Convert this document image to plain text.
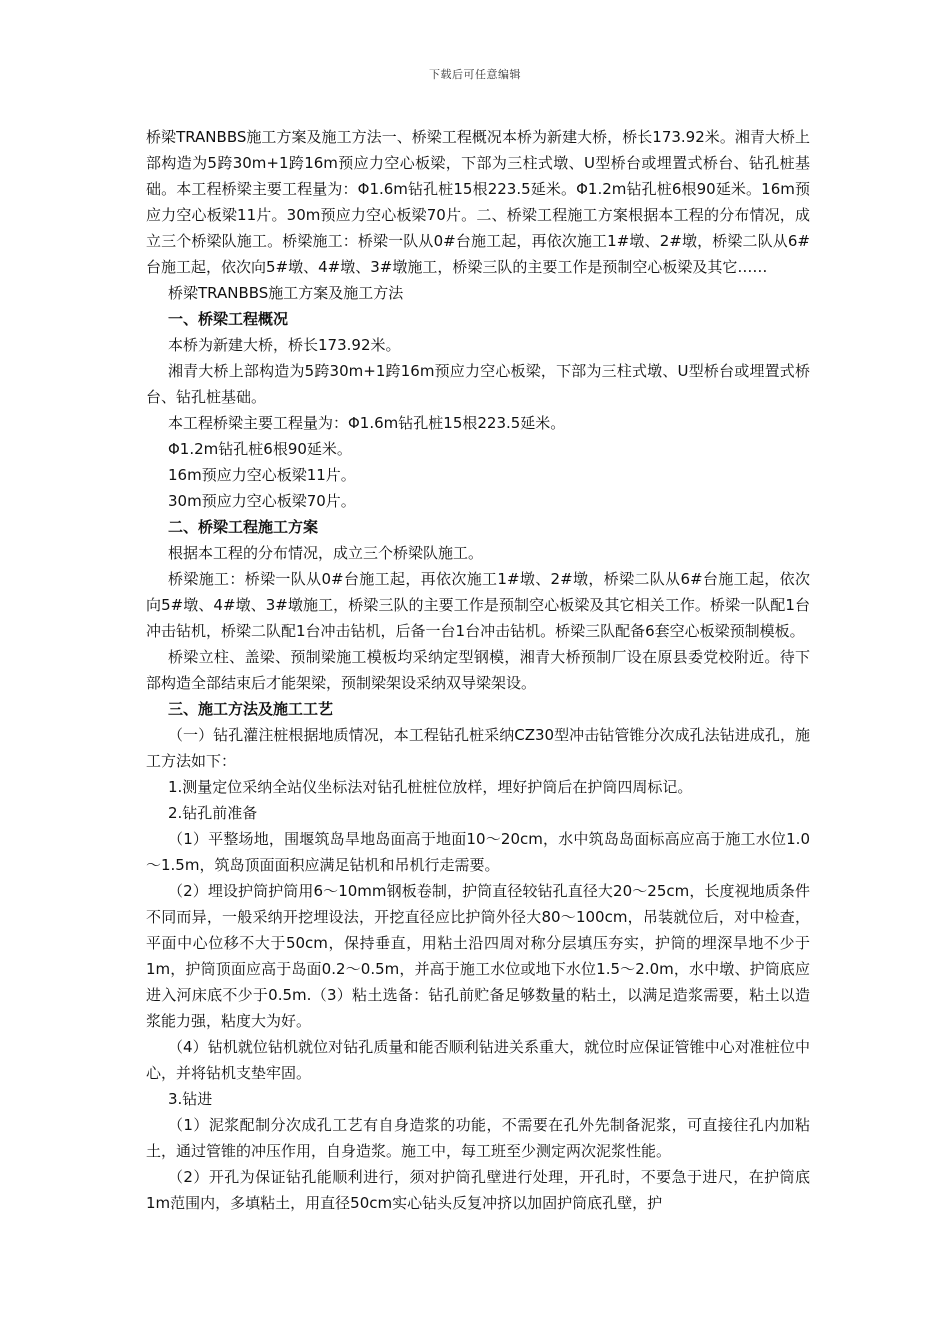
下载后可任意编辑

桥梁TRANBBS施工方案及施工方法一、桥梁工程概况本桥为新建大桥，桥长173.92米。湘青大桥上部构造为5跨30m+1跨16m预应力空心板梁，下部为三柱式墩、U型桥台或埋置式桥台、钻孔桩基础。本工程桥梁主要工程量为：Φ1.6m钻孔桩15根223.5延米。Φ1.2m钻孔桩6根90延米。16m预应力空心板梁11片。30m预应力空心板梁70片。二、桥梁工程施工方案根据本工程的分布情况，成立三个桥梁队施工。桥梁施工：桥梁一队从0#台施工起，再依次施工1#墩、2#墩，桥梁二队从6#台施工起，依次向5#墩、4#墩、3#墩施工，桥梁三队的主要工作是预制空心板梁及其它……

桥梁TRANBBS施工方案及施工方法

一、桥梁工程概况

本桥为新建大桥，桥长173.92米。

湘青大桥上部构造为5跨30m+1跨16m预应力空心板梁，下部为三柱式墩、U型桥台或埋置式桥台、钻孔桩基础。

本工程桥梁主要工程量为：Φ1.6m钻孔桩15根223.5延米。

Φ1.2m钻孔桩6根90延米。

16m预应力空心板梁11片。

30m预应力空心板梁70片。

二、桥梁工程施工方案

根据本工程的分布情况，成立三个桥梁队施工。

桥梁施工：桥梁一队从0#台施工起，再依次施工1#墩、2#墩，桥梁二队从6#台施工起，依次向5#墩、4#墩、3#墩施工，桥梁三队的主要工作是预制空心板梁及其它相关工作。桥梁一队配1台冲击钻机，桥梁二队配1台冲击钻机，后备一台1台冲击钻机。桥梁三队配备6套空心板梁预制模板。

桥梁立柱、盖梁、预制梁施工模板均采纳定型钢模，湘青大桥预制厂设在原县委党校附近。待下部构造全部结束后才能架梁，预制梁架设采纳双导梁架设。

三、施工方法及施工工艺

（一）钻孔灌注桩根据地质情况，本工程钻孔桩采纳CZ30型冲击钻管锥分次成孔法钻进成孔，施工方法如下：

1.测量定位采纳全站仪坐标法对钻孔桩桩位放样，埋好护筒后在护筒四周标记。

2.钻孔前准备

（1）平整场地，围堰筑岛旱地岛面高于地面10～20cm，水中筑岛岛面标高应高于施工水位1.0～1.5m，筑岛顶面面积应满足钻机和吊机行走需要。

（2）埋设护筒护筒用6～10mm钢板卷制，护筒直径较钻孔直径大20～25cm，长度视地质条件不同而异，一般采纳开挖埋设法，开挖直径应比护筒外径大80～100cm，吊装就位后，对中检查，平面中心位移不大于50cm，保持垂直，用粘土沿四周对称分层填压夯实，护筒的埋深旱地不少于1m，护筒顶面应高于岛面0.2～0.5m，并高于施工水位或地下水位1.5～2.0m，水中墩、护筒底应进入河床底不少于0.5m.（3）粘土选备：钻孔前贮备足够数量的粘土，以满足造浆需要，粘土以造浆能力强，粘度大为好。

（4）钻机就位钻机就位对钻孔质量和能否顺利钻进关系重大，就位时应保证管锥中心对准桩位中心，并将钻机支垫牢固。

3.钻进

（1）泥浆配制分次成孔工艺有自身造浆的功能，不需要在孔外先制备泥浆，可直接往孔内加粘土，通过管锥的冲压作用，自身造浆。施工中，每工班至少测定两次泥浆性能。

（2）开孔为保证钻孔能顺利进行，须对护筒孔壁进行处理，开孔时，不要急于进尺，在护筒底1m范围内，多填粘土，用直径50cm实心钻头反复冲挤以加固护筒底孔壁，护
